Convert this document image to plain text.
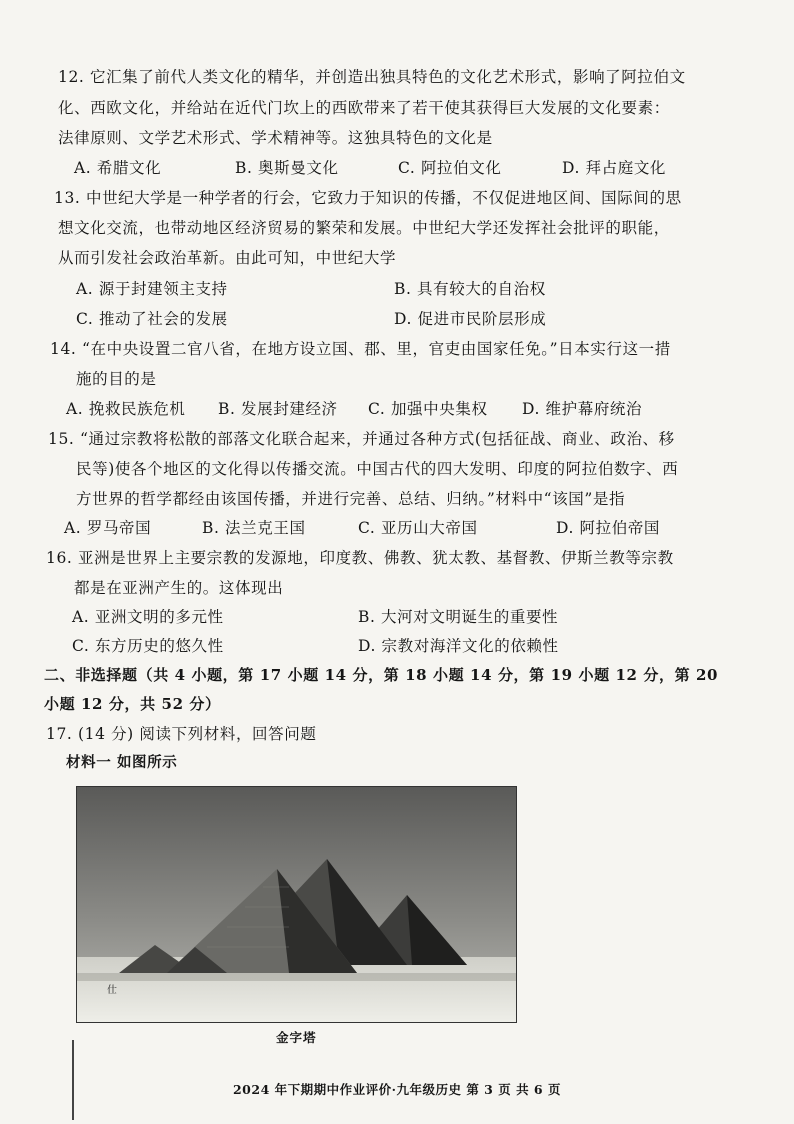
12. 它汇集了前代人类文化的精华，并创造出独具特色的文化艺术形式，影响了阿拉伯文
化、西欧文化，并给站在近代门坎上的西欧带来了若干使其获得巨大发展的文化要素：
法律原则、文学艺术形式、学术精神等。这独具特色的文化是
A. 希腊文化	B. 奥斯曼文化	C. 阿拉伯文化	D. 拜占庭文化
13. 中世纪大学是一种学者的行会，它致力于知识的传播，不仅促进地区间、国际间的思
想文化交流，也带动地区经济贸易的繁荣和发展。中世纪大学还发挥社会批评的职能，
从而引发社会政治革新。由此可知，中世纪大学
A. 源于封建领主支持	B. 具有较大的自治权
C. 推动了社会的发展	D. 促进市民阶层形成
14. “在中央设置二官八省，在地方设立国、郡、里，官吏由国家任免。”日本实行这一措
施的目的是
A. 挽救民族危机 B. 发展封建经济 C. 加强中央集权 D. 维护幕府统治
15. “通过宗教将松散的部落文化联合起来，并通过各种方式(包括征战、商业、政治、移
民等)使各个地区的文化得以传播交流。中国古代的四大发明、印度的阿拉伯数字、西
方世界的哲学都经由该国传播，并进行完善、总结、归纳。”材料中“该国”是指
A. 罗马帝国	B. 法兰克王国	C. 亚历山大帝国	D. 阿拉伯帝国
16. 亚洲是世界上主要宗教的发源地，印度教、佛教、犹太教、基督教、伊斯兰教等宗教
都是在亚洲产生的。这体现出
A. 亚洲文明的多元性	B. 大河对文明诞生的重要性
C. 东方历史的悠久性	D. 宗教对海洋文化的依赖性
二、非选择题（共 4 小题，第 17 小题 14 分，第 18 小题 14 分，第 19 小题 12 分，第 20
小题 12 分，共 52 分）
17. (14 分) 阅读下列材料，回答问题
材料一 如图所示
仕
金字塔
2024 年下期期中作业评价·九年级历史 第 3 页 共 6 页
